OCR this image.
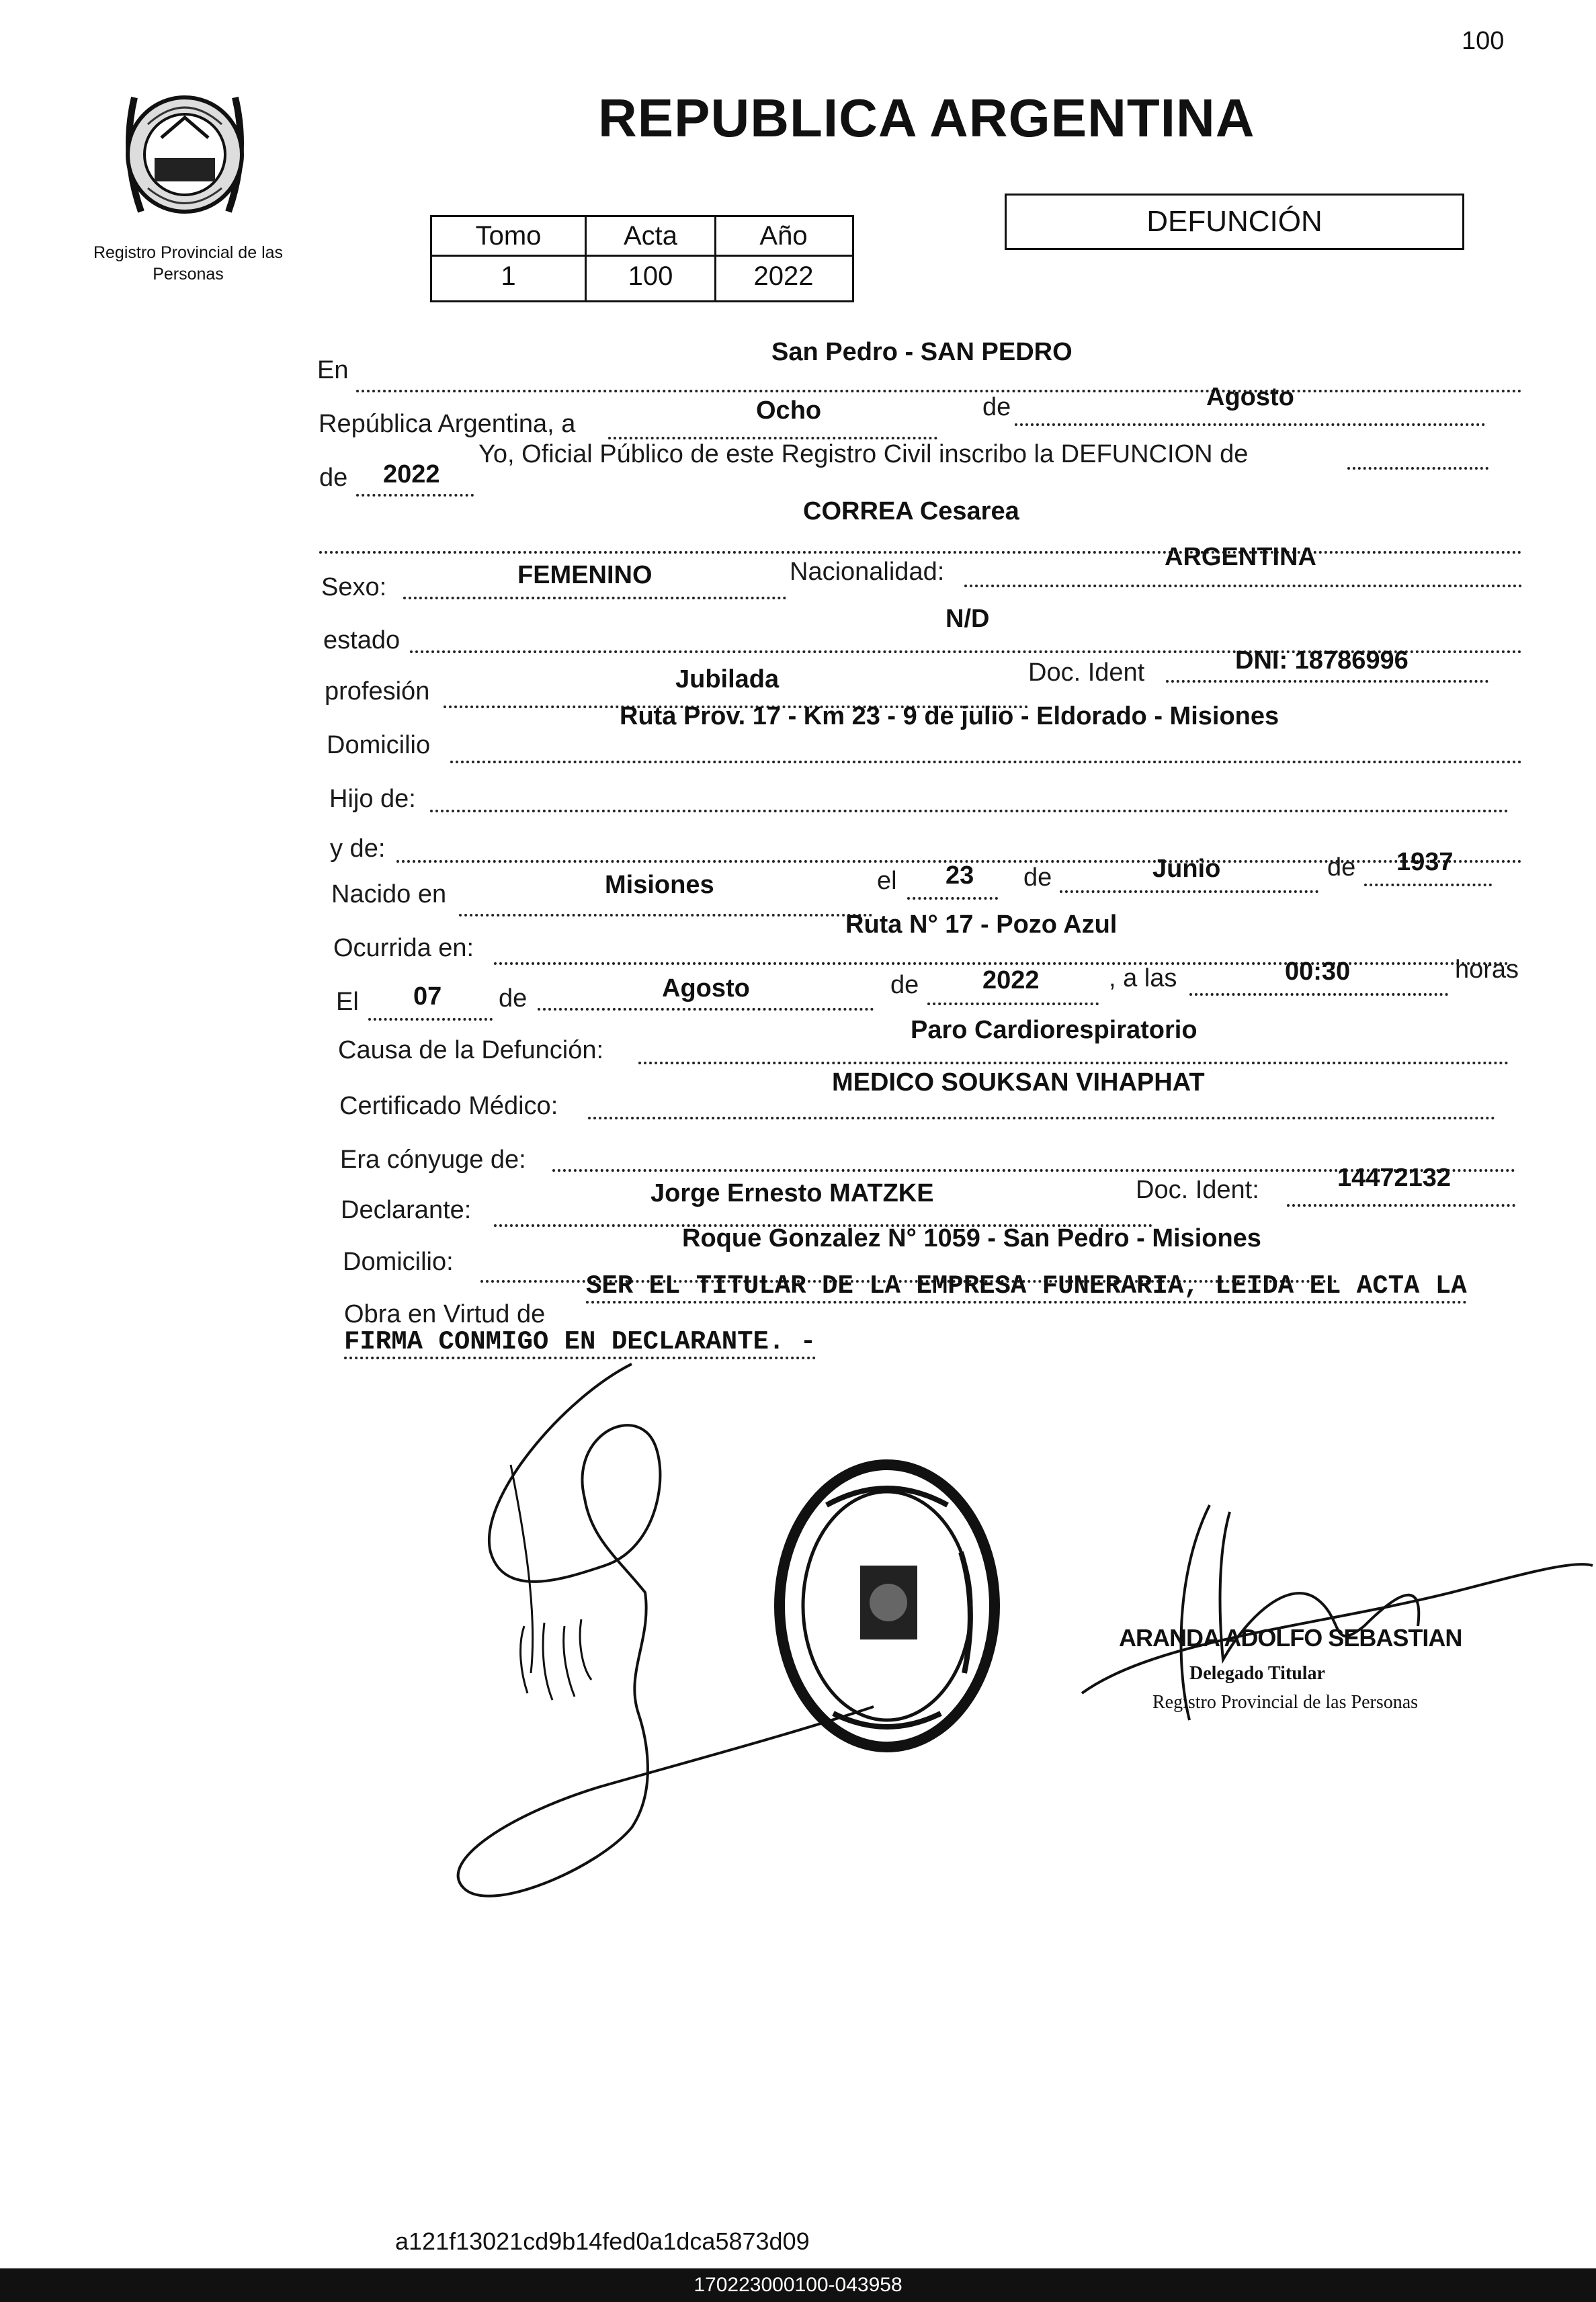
100
Registro Provincial de las Personas
REPUBLICA ARGENTINA
Tomo	Acta	Año
1	100	2022
DEFUNCIÓN
En
San Pedro - SAN PEDRO
República Argentina, a	Ocho	de	Agosto
de 2022
Yo, Oficial Público de este Registro Civil inscribo la DEFUNCION de
CORREA Cesarea
Sexo:	FEMENINO	Nacionalidad:
ARGENTINA
estado
N/D
profesión	Jubilada	Doc. Ident	DNI: 18786996
Domicilio
Ruta Prov. 17 - Km 23 - 9 de julio - Eldorado - Misiones
Hijo de:
y de:
Nacido en	Misiones	el 23 de	Junio	de 1937
Ocurrida en:
Ruta N° 17 - Pozo Azul
El 07 de	Agosto	de 2022	, a las	00:30	horas
Causa de la Defunción:
Paro Cardiorespiratorio
Certificado Médico:
MEDICO SOUKSAN VIHAPHAT
Era cónyuge de:
Declarante:
Jorge Ernesto MATZKE	Doc. Ident:	14472132
Domicilio:
Roque Gonzalez N° 1059 - San Pedro - Misiones
Obra en Virtud de
SER EL TITULAR DE LA EMPRESA FUNERARIA, LEIDA EL ACTA LA
FIRMA CONMIGO EN DECLARANTE. -
ARANDA ADOLFO SEBASTIAN
Delegado Titular
Registro Provincial de las Personas
a121f13021cd9b14fed0a1dca5873d09
170223000100-043958
